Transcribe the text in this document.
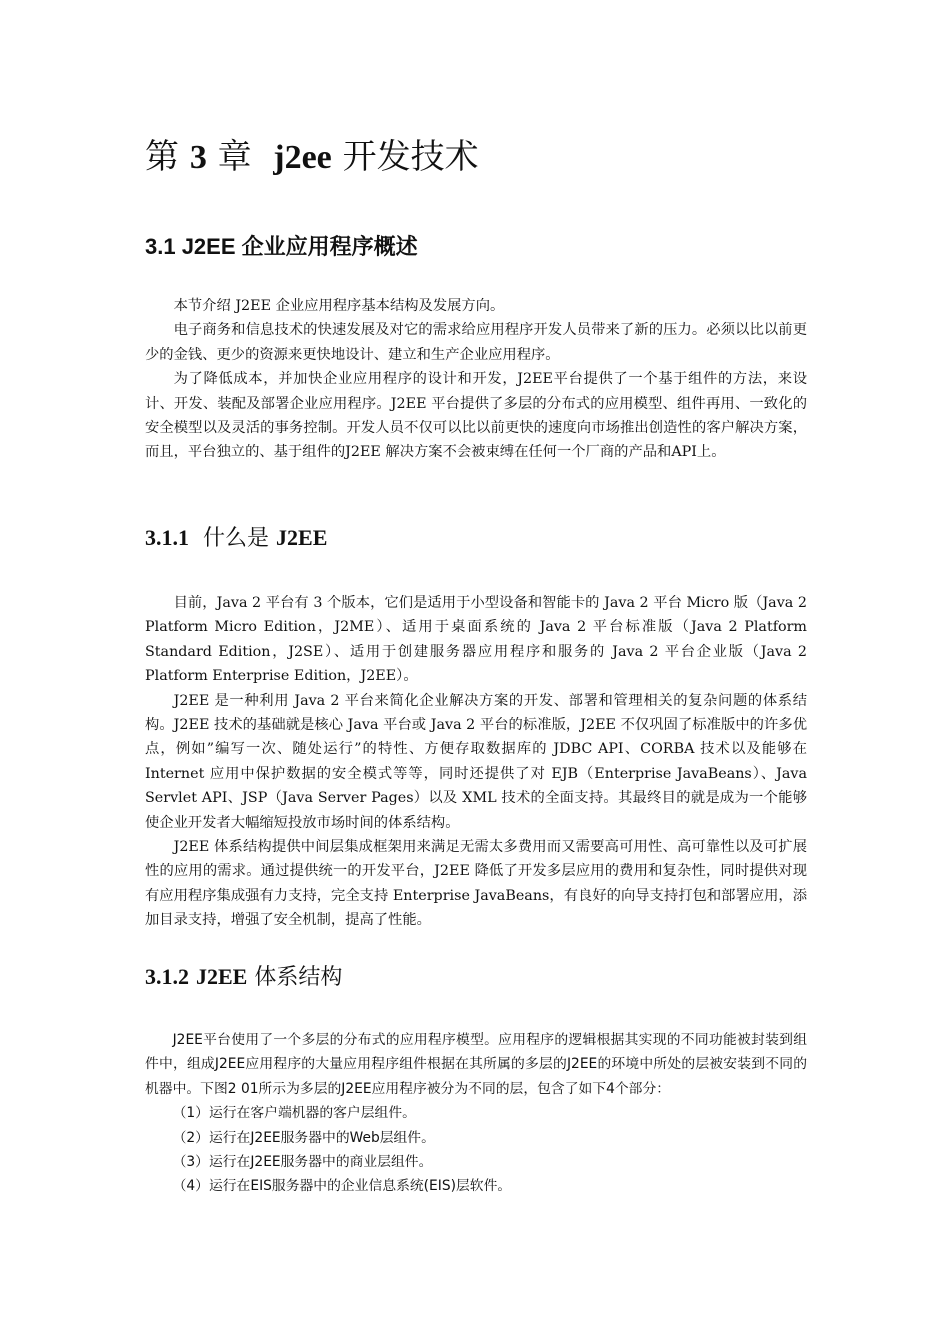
第 3 章 j2ee 开发技术
3.1 J2EE 企业应用程序概述

本节介绍 J2EE 企业应用程序基本结构及发展方向。

电子商务和信息技术的快速发展及对它的需求给应用程序开发人员带来了新的压力。必须以比以前更少的金钱、更少的资源来更快地设计、建立和生产企业应用程序。

为了降低成本，并加快企业应用程序的设计和开发，J2EE平台提供了一个基于组件的方法，来设计、开发、装配及部署企业应用程序。J2EE 平台提供了多层的分布式的应用模型、组件再用、一致化的安全模型以及灵活的事务控制。开发人员不仅可以比以前更快的速度向市场推出创造性的客户解决方案，而且，平台独立的、基于组件的J2EE 解决方案不会被束缚在任何一个厂商的产品和API上。

3.1.1 什么是 J2EE

目前，Java 2 平台有 3 个版本，它们是适用于小型设备和智能卡的 Java 2 平台 Micro 版（Java 2 Platform Micro Edition，J2ME）、适用于桌面系统的 Java 2 平台标准版（Java 2 Platform Standard Edition，J2SE）、适用于创建服务器应用程序和服务的 Java 2 平台企业版（Java 2 Platform Enterprise Edition，J2EE）。

J2EE 是一种利用 Java 2 平台来简化企业解决方案的开发、部署和管理相关的复杂问题的体系结构。J2EE 技术的基础就是核心 Java 平台或 Java 2 平台的标准版，J2EE 不仅巩固了标准版中的许多优点，例如”编写一次、随处运行”的特性、方便存取数据库的 JDBC API、CORBA 技术以及能够在 Internet 应用中保护数据的安全模式等等，同时还提供了对 EJB（Enterprise JavaBeans）、Java Servlet API、JSP（Java Server Pages）以及 XML 技术的全面支持。其最终目的就是成为一个能够使企业开发者大幅缩短投放市场时间的体系结构。

J2EE 体系结构提供中间层集成框架用来满足无需太多费用而又需要高可用性、高可靠性以及可扩展性的应用的需求。通过提供统一的开发平台，J2EE 降低了开发多层应用的费用和复杂性，同时提供对现有应用程序集成强有力支持，完全支持 Enterprise JavaBeans，有良好的向导支持打包和部署应用，添加目录支持，增强了安全机制，提高了性能。

3.1.2 J2EE 体系结构

J2EE平台使用了一个多层的分布式的应用程序模型。应用程序的逻辑根据其实现的不同功能被封装到组件中，组成J2EE应用程序的大量应用程序组件根据在其所属的多层的J2EE的环境中所处的层被安装到不同的机器中。下图2 01所示为多层的J2EE应用程序被分为不同的层，包含了如下4个部分：

（1）运行在客户端机器的客户层组件。

（2）运行在J2EE服务器中的Web层组件。

（3）运行在J2EE服务器中的商业层组件。

（4）运行在EIS服务器中的企业信息系统(EIS)层软件。
